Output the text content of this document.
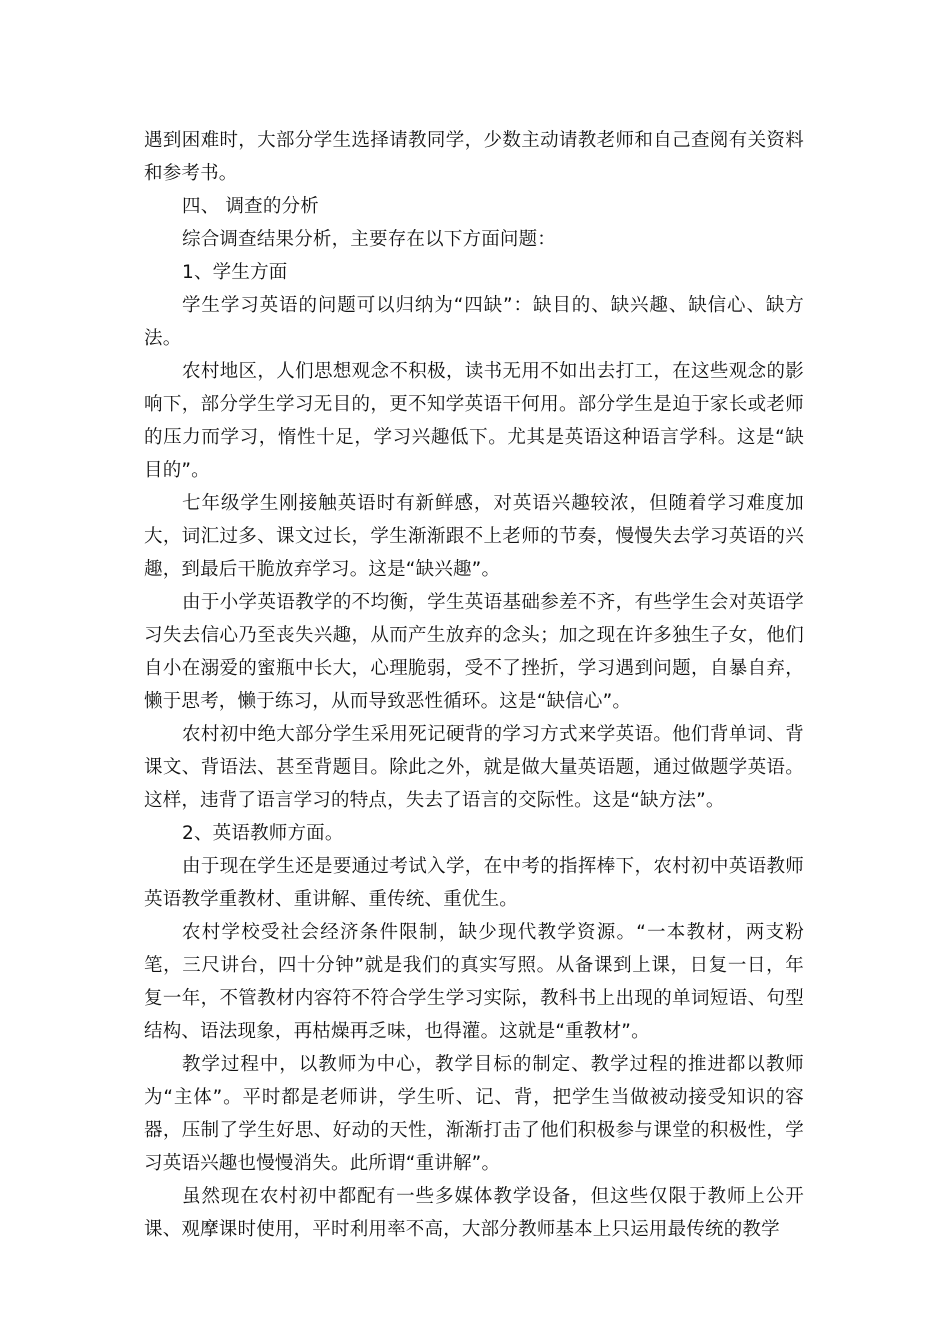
遇到困难时，大部分学生选择请教同学，少数主动请教老师和自己查阅有关资料和参考书。

四、 调查的分析

综合调查结果分析，主要存在以下方面问题：

1、学生方面

学生学习英语的问题可以归纳为“四缺”：缺目的、缺兴趣、缺信心、缺方法。

农村地区，人们思想观念不积极，读书无用不如出去打工，在这些观念的影响下，部分学生学习无目的，更不知学英语干何用。部分学生是迫于家长或老师的压力而学习，惰性十足，学习兴趣低下。尤其是英语这种语言学科。这是“缺目的”。

七年级学生刚接触英语时有新鲜感，对英语兴趣较浓，但随着学习难度加大，词汇过多、课文过长，学生渐渐跟不上老师的节奏，慢慢失去学习英语的兴趣，到最后干脆放弃学习。这是“缺兴趣”。

由于小学英语教学的不均衡，学生英语基础参差不齐，有些学生会对英语学习失去信心乃至丧失兴趣，从而产生放弃的念头；加之现在许多独生子女，他们自小在溺爱的蜜瓶中长大，心理脆弱，受不了挫折，学习遇到问题，自暴自弃，懒于思考，懒于练习，从而导致恶性循环。这是“缺信心”。

农村初中绝大部分学生采用死记硬背的学习方式来学英语。他们背单词、背课文、背语法、甚至背题目。除此之外，就是做大量英语题，通过做题学英语。这样，违背了语言学习的特点，失去了语言的交际性。这是“缺方法”。

2、英语教师方面。

由于现在学生还是要通过考试入学，在中考的指挥棒下，农村初中英语教师英语教学重教材、重讲解、重传统、重优生。

农村学校受社会经济条件限制，缺少现代教学资源。“一本教材，两支粉笔，三尺讲台，四十分钟”就是我们的真实写照。从备课到上课，日复一日，年复一年，不管教材内容符不符合学生学习实际，教科书上出现的单词短语、句型结构、语法现象，再枯燥再乏味，也得灌。这就是“重教材”。

教学过程中，以教师为中心，教学目标的制定、教学过程的推进都以教师为“主体”。平时都是老师讲，学生听、记、背，把学生当做被动接受知识的容器，压制了学生好思、好动的天性，渐渐打击了他们积极参与课堂的积极性，学习英语兴趣也慢慢消失。此所谓“重讲解”。

虽然现在农村初中都配有一些多媒体教学设备，但这些仅限于教师上公开课、观摩课时使用，平时利用率不高，大部分教师基本上只运用最传统的教学
